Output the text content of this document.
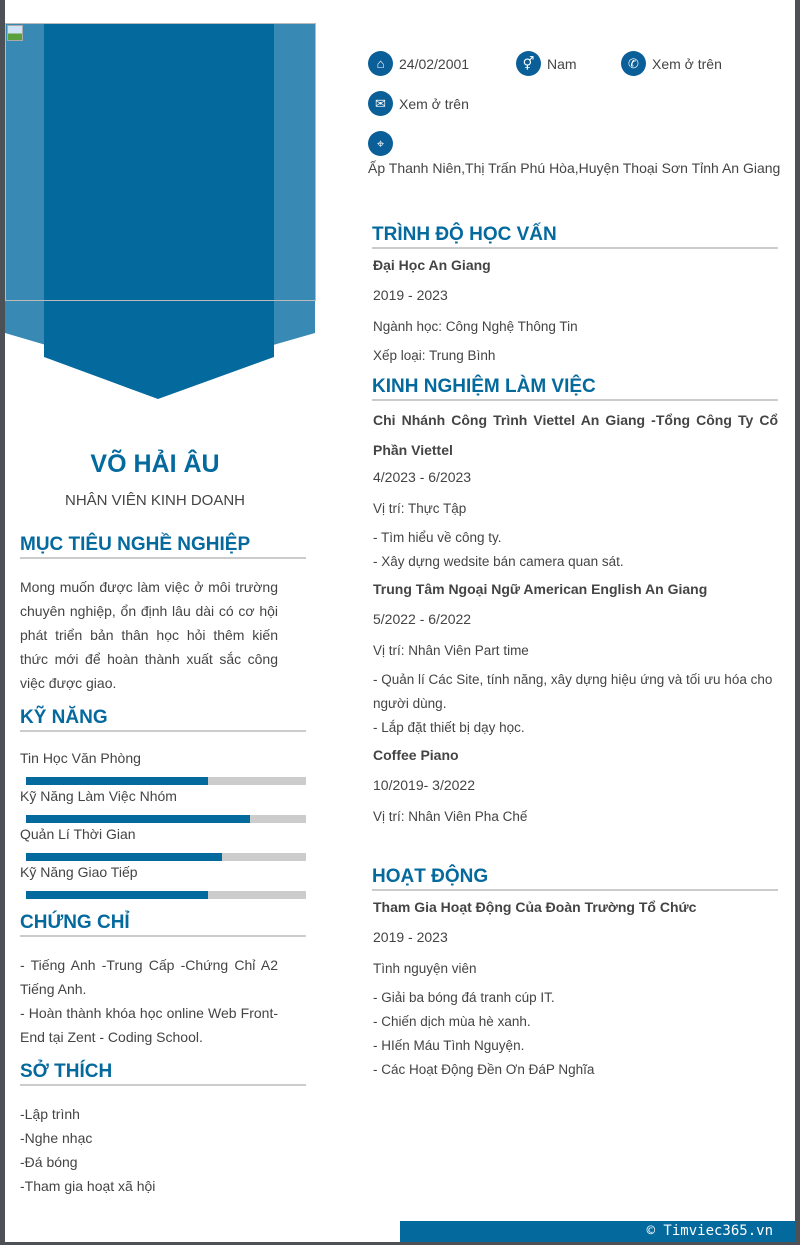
VÕ HẢI ÂU
NHÂN VIÊN KINH DOANH
MỤC TIÊU NGHỀ NGHIỆP
Mong muốn được làm việc ở môi trường chuyên nghiệp, ổn định lâu dài có cơ hội phát triển bản thân học hỏi thêm kiến thức mới để hoàn thành xuất sắc công việc được giao.
KỸ NĂNG
Tin Học Văn Phòng
Kỹ Năng Làm Việc Nhóm
Quản Lí Thời Gian
Kỹ Năng Giao Tiếp
CHỨNG CHỈ
- Tiếng Anh -Trung Cấp -Chứng Chỉ A2 Tiếng Anh.
- Hoàn thành khóa học online Web Front-End tại Zent - Coding School.
SỞ THÍCH
-Lập trình
-Nghe nhạc
-Đá bóng
-Tham gia hoạt xã hội
⌂	24/02/2001	⚥ Nam	✆ Xem ở trên
✉ Xem ở trên
⌖
Ấp Thanh Niên,Thị Trấn Phú Hòa,Huyện Thoại Sơn Tỉnh An Giang
TRÌNH ĐỘ HỌC VẤN
Đại Học An Giang
2019 - 2023
Ngành học: Công Nghệ Thông Tin
Xếp loại: Trung Bình
KINH NGHIỆM LÀM VIỆC
Chi Nhánh Công Trình Viettel An Giang -Tổng Công Ty Cổ Phần Viettel
4/2023 - 6/2023
Vị trí: Thực Tập
- Tìm hiểu về công ty.
- Xây dựng wedsite bán camera quan sát.
Trung Tâm Ngoại Ngữ American English An Giang
5/2022 - 6/2022
Vị trí: Nhân Viên Part time
- Quản lí Các Site, tính năng, xây dựng hiệu ứng và tối ưu hóa cho người dùng.
- Lắp đặt thiết bị dạy học.
Coffee Piano
10/2019- 3/2022
Vị trí: Nhân Viên Pha Chế
HOẠT ĐỘNG
Tham Gia Hoạt Động Của Đoàn Trường Tổ Chức
2019 - 2023
Tình nguyện viên
- Giải ba bóng đá tranh cúp IT.
- Chiến dịch mùa hè xanh.
- HIến Máu Tình Nguyện.
- Các Hoạt Động Đền Ơn ĐáP Nghĩa
© Timviec365.vn
